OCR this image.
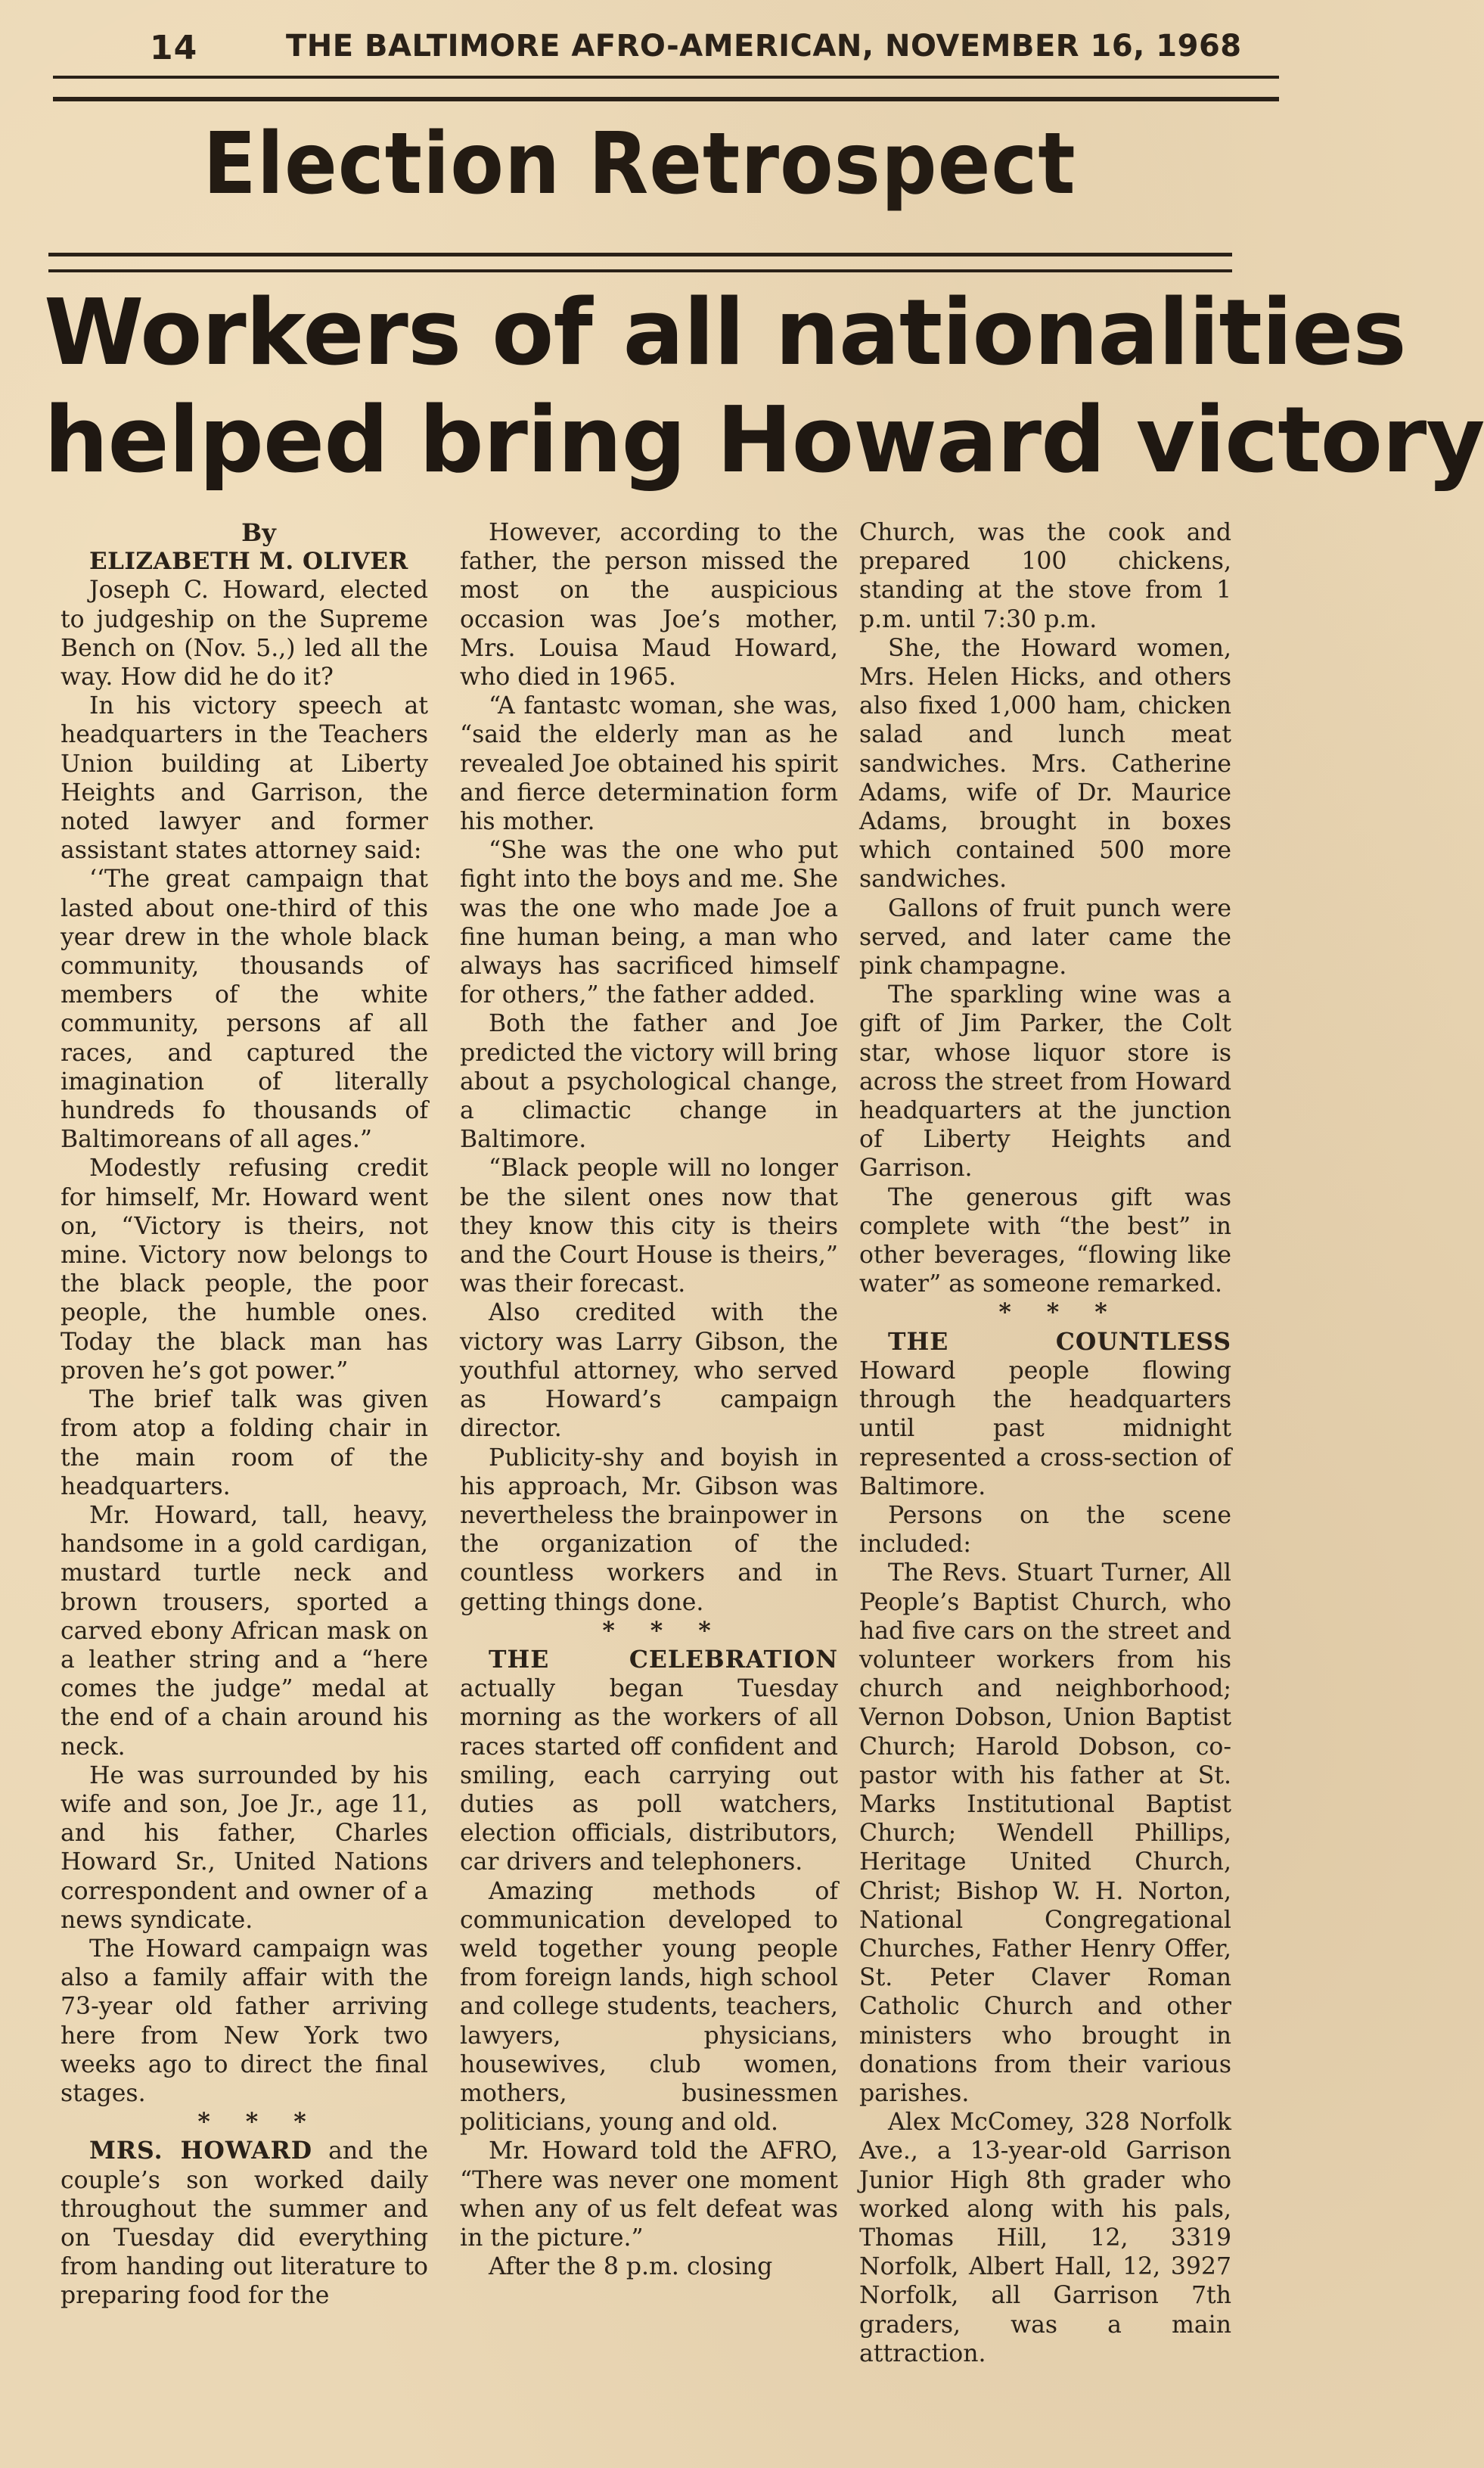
14	THE BALTIMORE AFRO-AMERICAN, NOVEMBER 16, 1968
Election Retrospect
Workers of all nationalities
helped bring Howard victory

By

ELIZABETH M. OLIVER

Joseph C. Howard, elected to judgeship on the Supreme Bench on (Nov. 5.,) led all the way. How did he do it?

In his victory speech at headquarters in the Teachers Union building at Liberty Heights and Garrison, the noted lawyer and former assistant states attorney said:

‘‘The great campaign that lasted about one-third of this year drew in the whole black community, thousands of members of the white community, persons af all races, and captured the imagination of literally hundreds fo thousands of Baltimoreans of all ages.”

Modestly refusing credit for himself, Mr. Howard went on, “Victory is theirs, not mine. Victory now belongs to the black people, the poor people, the humble ones. Today the black man has proven he’s got power.”

The brief talk was given from atop a folding chair in the main room of the headquarters.

Mr. Howard, tall, heavy, handsome in a gold cardigan, mustard turtle neck and brown trousers, sported a carved ebony African mask on a leather string and a “here comes the judge” medal at the end of a chain around his neck.

He was surrounded by his wife and son, Joe Jr., age 11, and his father, Charles Howard Sr., United Nations correspondent and owner of a news syndicate.

The Howard campaign was also a family affair with the 73-year old father arriving here from New York two weeks ago to direct the final stages.

* * *

MRS. HOWARD and the couple’s son worked daily throughout the summer and on Tuesday did everything from handing out literature to preparing food for the

However, according to the father, the person missed the most on the auspicious occasion was Joe’s mother, Mrs. Louisa Maud Howard, who died in 1965.

“A fantastc woman, she was, “said the elderly man as he revealed Joe obtained his spirit and fierce determination form his mother.

“She was the one who put fight into the boys and me. She was the one who made Joe a fine human being, a man who always has sacrificed himself for others,” the father added.

Both the father and Joe predicted the victory will bring about a psychological change, a climactic change in Baltimore.

“Black people will no longer be the silent ones now that they know this city is theirs and the Court House is theirs,” was their forecast.

Also credited with the victory was Larry Gibson, the youthful attorney, who served as Howard’s campaign director.

Publicity-shy and boyish in his approach, Mr. Gibson was nevertheless the brainpower in the organization of the countless workers and in getting things done.

* * *

THE CELEBRATION actually began Tuesday morning as the workers of all races started off confident and smiling, each carrying out duties as poll watchers, election officials, distributors, car drivers and telephoners.

Amazing methods of communication developed to weld together young people from foreign lands, high school and college students, teachers, lawyers, physicians, housewives, club women, mothers, businessmen politicians, young and old.

Mr. Howard told the AFRO, “There was never one moment when any of us felt defeat was in the picture.”

After the 8 p.m. closing

Church, was the cook and prepared 100 chickens, standing at the stove from 1 p.m. until 7:30 p.m.

She, the Howard women, Mrs. Helen Hicks, and others also fixed 1,000 ham, chicken salad and lunch meat sandwiches. Mrs. Catherine Adams, wife of Dr. Maurice Adams, brought in boxes which contained 500 more sandwiches.

Gallons of fruit punch were served, and later came the pink champagne.

The sparkling wine was a gift of Jim Parker, the Colt star, whose liquor store is across the street from Howard headquarters at the junction of Liberty Heights and Garrison.

The generous gift was complete with “the best” in other beverages, “flowing like water” as someone remarked.

* * *

THE COUNTLESS Howard people flowing through the headquarters until past midnight represented a cross-section of Baltimore.

Persons on the scene included:

The Revs. Stuart Turner, All People’s Baptist Church, who had five cars on the street and volunteer workers from his church and neighborhood; Vernon Dobson, Union Baptist Church; Harold Dobson, co-pastor with his father at St. Marks Institutional Baptist Church; Wendell Phillips, Heritage United Church, Christ; Bishop W. H. Norton, National Congregational Churches, Father Henry Offer, St. Peter Claver Roman Catholic Church and other ministers who brought in donations from their various parishes.

Alex McComey, 328 Norfolk Ave., a 13-year-old Garrison Junior High 8th grader who worked along with his pals, Thomas Hill, 12, 3319 Norfolk, Albert Hall, 12, 3927 Norfolk, all Garrison 7th graders, was a main attraction.
